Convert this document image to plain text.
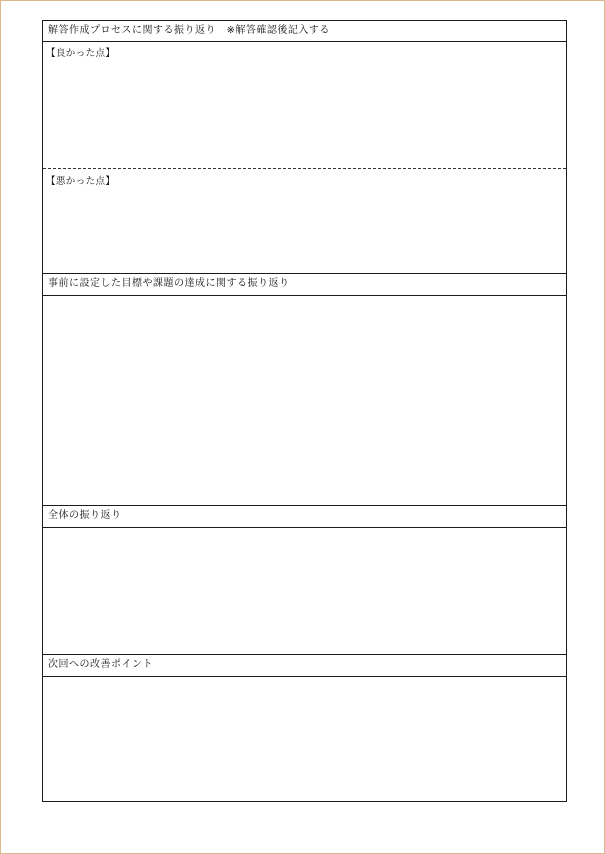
解答作成プロセスに関する振り返り　※解答確認後記入する
【良かった点】
【悪かった点】
事前に設定した目標や課題の達成に関する振り返り
全体の振り返り
次回への改善ポイント
